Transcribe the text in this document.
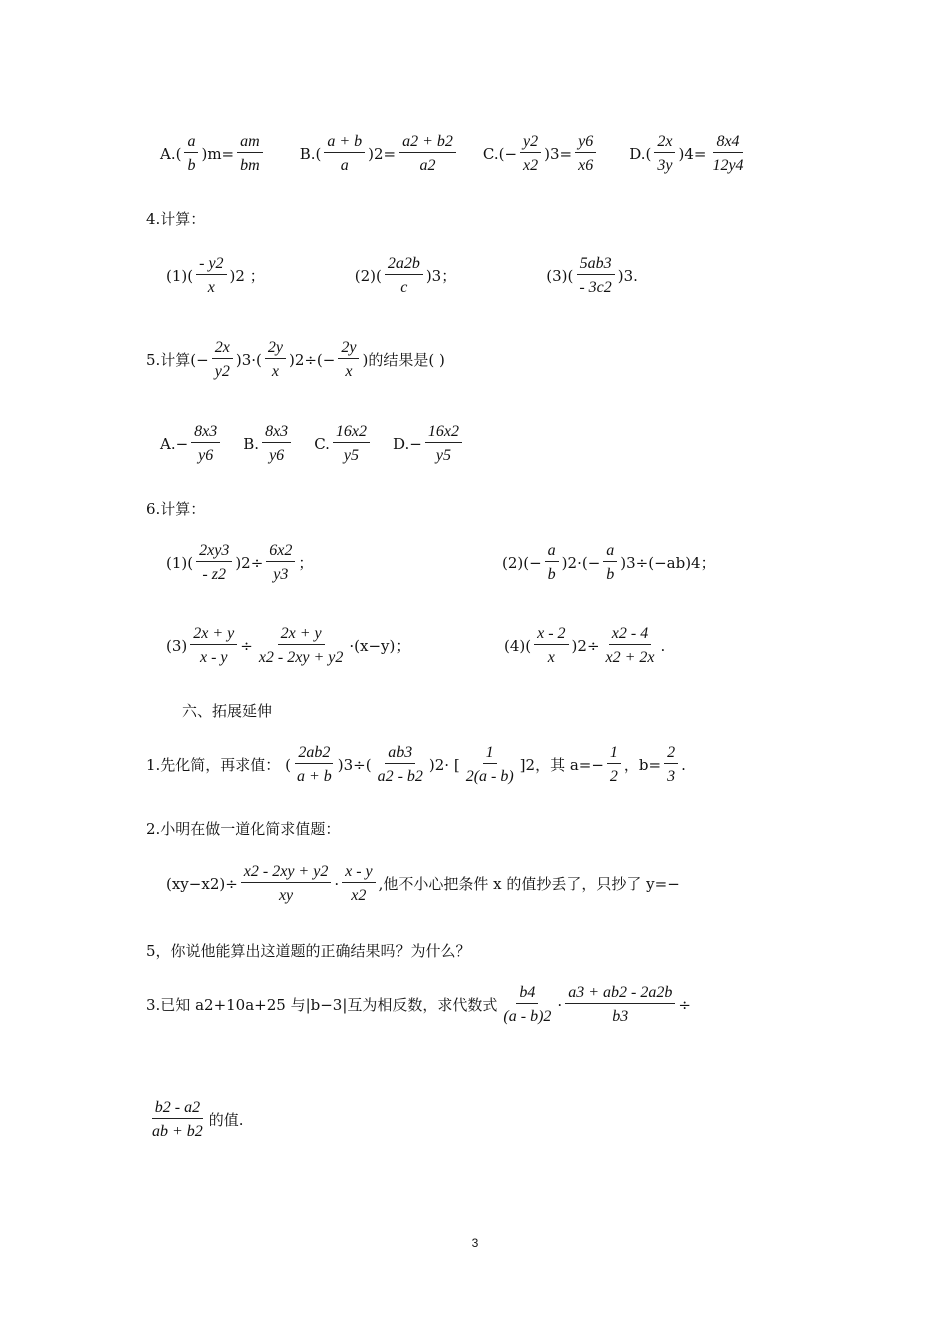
A. (
a
b
)$m= \frac{am}{bm} B$. (
a + b
a
)$2= \frac{a2 + b2}{a2} C$. (− $\frac{y2}{x2} )3= \frac{y6}{x6} D$. (
2x
3y
)$4= \frac{8x4}{12y4}$
4.计算：
(1) (
- y2
x
)2 ；	(2) (
2a2b
c
)3；	(3) (
5ab3
- 3c2
)3.
5.计算(− $\frac{2x}{y2} )3\cdot$(
2y
x
)$2\div(- \frac{2y}{x}$ )的结果是( )
$A.- \frac{8x3}{y6} B$.
8x3
y6
C.
16x2
y5
$D.- \frac{16x2}{y5}$
6.计算：
(1)(
2xy3
- z2
)$2\div \frac{6x2}{y3}$ ；	$(2)(- \frac{a}{b} )2\cdot(- \frac{a}{b} )3\div(-ab)4$；
$(3) \frac{2x + y}{x - y} \div \frac{2x + y}{x2 - 2xy + y2} \cdot(x-y)$；	(4)(
x - 2
x
)$2\div \frac{x2 - 4}{x2 + 2x}$ .
六、拓展延伸
1.先化简，再求值： (
2ab2
a + b
)3÷(
ab3
a2 - b2
)2· [
1
2(a - b)
]2，其 $a=- \frac{1}{2}$ ，$b= \frac{2}{3}$ .
2.小明在做一道化简求值题：
$(xy-x2)\div \frac{x2 - 2xy + y2}{xy}$ ·
x - y
x2
,他不小心把条件 x 的值抄丢了，只抄了 y=−
5，你说他能算出这道题的正确结果吗？为什么？
3.已知 a2+10a+25 与|b−3|互为相反数，求代数式
b4
(a - b)2
· $\frac{a3 + ab2 - 2a2b}{b3}$ ÷
b2 - a2
ab + b2
的值.
3
